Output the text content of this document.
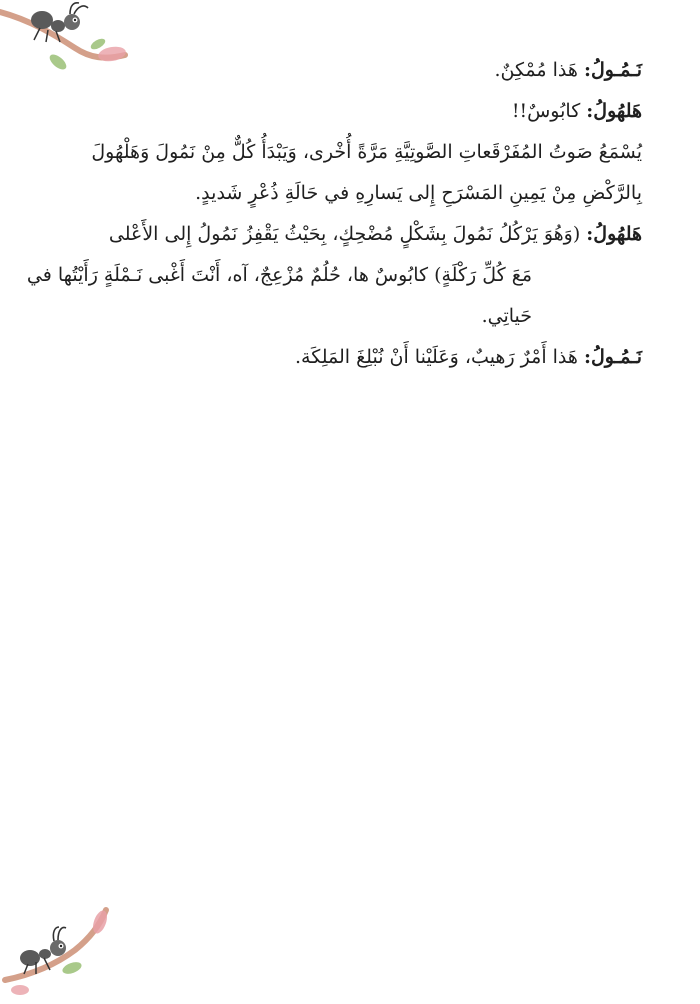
نَـمُـولُ: هَذا مُمْكِنٌ.
هَلهُولُ: كابُوسٌ!!
يُسْمَعُ صَوتُ المُفَرْقَعاتِ الصَّوتِيَّةِ مَرَّةً أُخْرى، وَيَبْدَأُ كُلٌّ مِنْ نَمُولَ وَهَلْهُولَ
بِالرَّكْضِ مِنْ يَمِينِ المَسْرَحِ إِلى يَسارِهِ في حَالَةِ ذُعْرٍ شَديدٍ.
هَلهُولُ: (وَهُوَ يَرْكُلُ نَمُولَ بِشَكْلٍ مُضْحِكٍ، بِحَيْثُ يَقْفِزُ نَمُولُ إِلى الأَعْلى
مَعَ كُلِّ رَكْلَةٍ) كابُوسٌ ها، حُلُمٌ مُزْعِجٌ، آه، أَنْتَ أَغْبى نَـمْلَةٍ رَأَيْتُها في
حَياتِي.
نَـمُـولُ: هَذا أَمْرٌ رَهيبٌ، وَعَلَيْنا أَنْ نُبْلِغَ المَلِكَة.
